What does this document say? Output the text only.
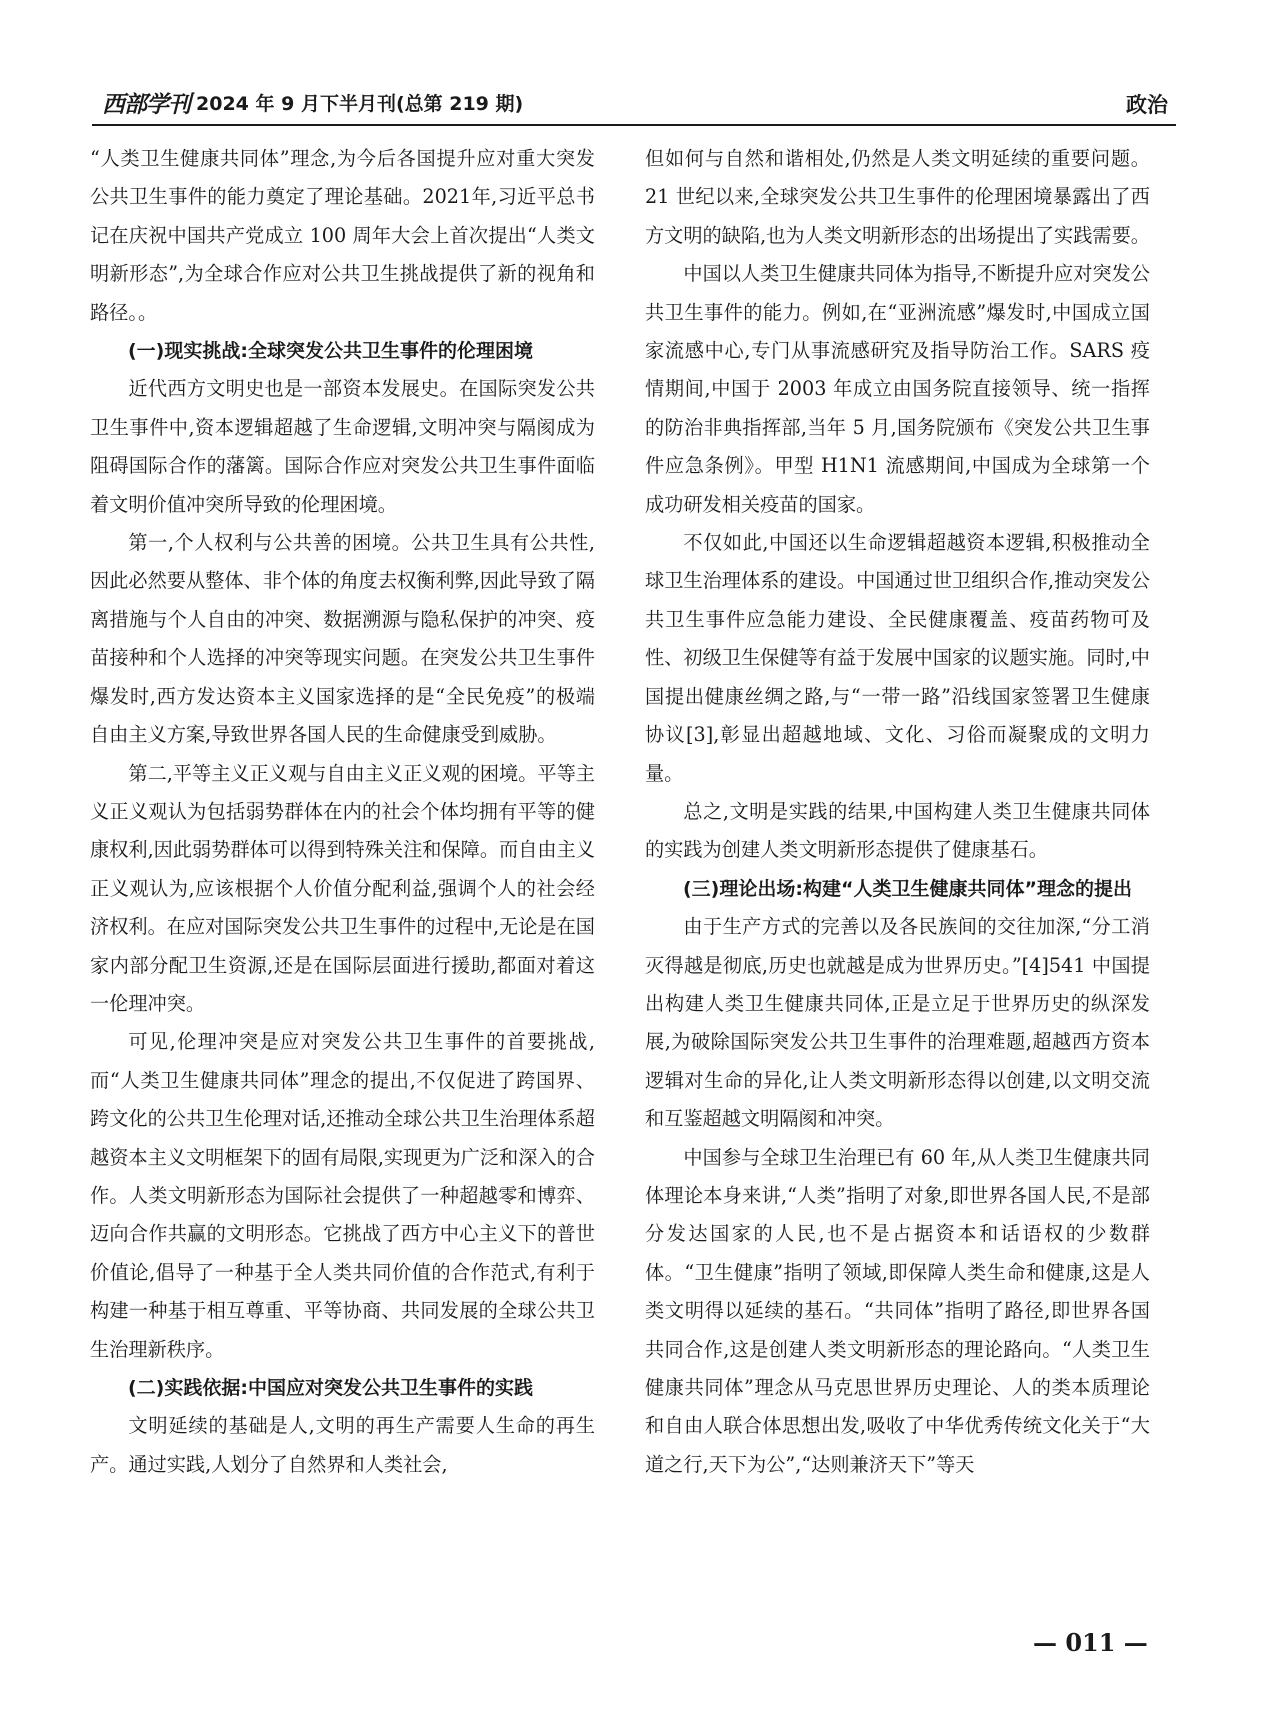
西部学刊 2024 年 9 月下半月刊(总第 219 期)	政治

“人类卫生健康共同体”理念,为今后各国提升应对重大突发公共卫生事件的能力奠定了理论基础。2021年,习近平总书记在庆祝中国共产党成立 100 周年大会上首次提出“人类文明新形态”,为全球合作应对公共卫生挑战提供了新的视角和路径。。

(一)现实挑战:全球突发公共卫生事件的伦理困境

近代西方文明史也是一部资本发展史。在国际突发公共卫生事件中,资本逻辑超越了生命逻辑,文明冲突与隔阂成为阻碍国际合作的藩篱。国际合作应对突发公共卫生事件面临着文明价值冲突所导致的伦理困境。

第一,个人权利与公共善的困境。公共卫生具有公共性,因此必然要从整体、非个体的角度去权衡利弊,因此导致了隔离措施与个人自由的冲突、数据溯源与隐私保护的冲突、疫苗接种和个人选择的冲突等现实问题。在突发公共卫生事件爆发时,西方发达资本主义国家选择的是“全民免疫”的极端自由主义方案,导致世界各国人民的生命健康受到威胁。

第二,平等主义正义观与自由主义正义观的困境。平等主义正义观认为包括弱势群体在内的社会个体均拥有平等的健康权利,因此弱势群体可以得到特殊关注和保障。而自由主义正义观认为,应该根据个人价值分配利益,强调个人的社会经济权利。在应对国际突发公共卫生事件的过程中,无论是在国家内部分配卫生资源,还是在国际层面进行援助,都面对着这一伦理冲突。

可见,伦理冲突是应对突发公共卫生事件的首要挑战,而“人类卫生健康共同体”理念的提出,不仅促进了跨国界、跨文化的公共卫生伦理对话,还推动全球公共卫生治理体系超越资本主义文明框架下的固有局限,实现更为广泛和深入的合作。人类文明新形态为国际社会提供了一种超越零和博弈、迈向合作共赢的文明形态。它挑战了西方中心主义下的普世价值论,倡导了一种基于全人类共同价值的合作范式,有利于构建一种基于相互尊重、平等协商、共同发展的全球公共卫生治理新秩序。

(二)实践依据:中国应对突发公共卫生事件的实践

文明延续的基础是人,文明的再生产需要人生命的再生产。通过实践,人划分了自然界和人类社会,

但如何与自然和谐相处,仍然是人类文明延续的重要问题。21 世纪以来,全球突发公共卫生事件的伦理困境暴露出了西方文明的缺陷,也为人类文明新形态的出场提出了实践需要。

中国以人类卫生健康共同体为指导,不断提升应对突发公共卫生事件的能力。例如,在“亚洲流感”爆发时,中国成立国家流感中心,专门从事流感研究及指导防治工作。SARS 疫情期间,中国于 2003 年成立由国务院直接领导、统一指挥的防治非典指挥部,当年 5 月,国务院颁布《突发公共卫生事件应急条例》。甲型 H1N1 流感期间,中国成为全球第一个成功研发相关疫苗的国家。

不仅如此,中国还以生命逻辑超越资本逻辑,积极推动全球卫生治理体系的建设。中国通过世卫组织合作,推动突发公共卫生事件应急能力建设、全民健康覆盖、疫苗药物可及性、初级卫生保健等有益于发展中国家的议题实施。同时,中国提出健康丝绸之路,与“一带一路”沿线国家签署卫生健康协议[3],彰显出超越地域、文化、习俗而凝聚成的文明力量。

总之,文明是实践的结果,中国构建人类卫生健康共同体的实践为创建人类文明新形态提供了健康基石。

(三)理论出场:构建“人类卫生健康共同体”理念的提出

由于生产方式的完善以及各民族间的交往加深,“分工消灭得越是彻底,历史也就越是成为世界历史。”[4]541 中国提出构建人类卫生健康共同体,正是立足于世界历史的纵深发展,为破除国际突发公共卫生事件的治理难题,超越西方资本逻辑对生命的异化,让人类文明新形态得以创建,以文明交流和互鉴超越文明隔阂和冲突。

中国参与全球卫生治理已有 60 年,从人类卫生健康共同体理论本身来讲,“人类”指明了对象,即世界各国人民,不是部分发达国家的人民,也不是占据资本和话语权的少数群体。“卫生健康”指明了领域,即保障人类生命和健康,这是人类文明得以延续的基石。“共同体”指明了路径,即世界各国共同合作,这是创建人类文明新形态的理论路向。“人类卫生健康共同体”理念从马克思世界历史理论、人的类本质理论和自由人联合体思想出发,吸收了中华优秀传统文化关于“大道之行,天下为公”,“达则兼济天下”等天

— 011 —
